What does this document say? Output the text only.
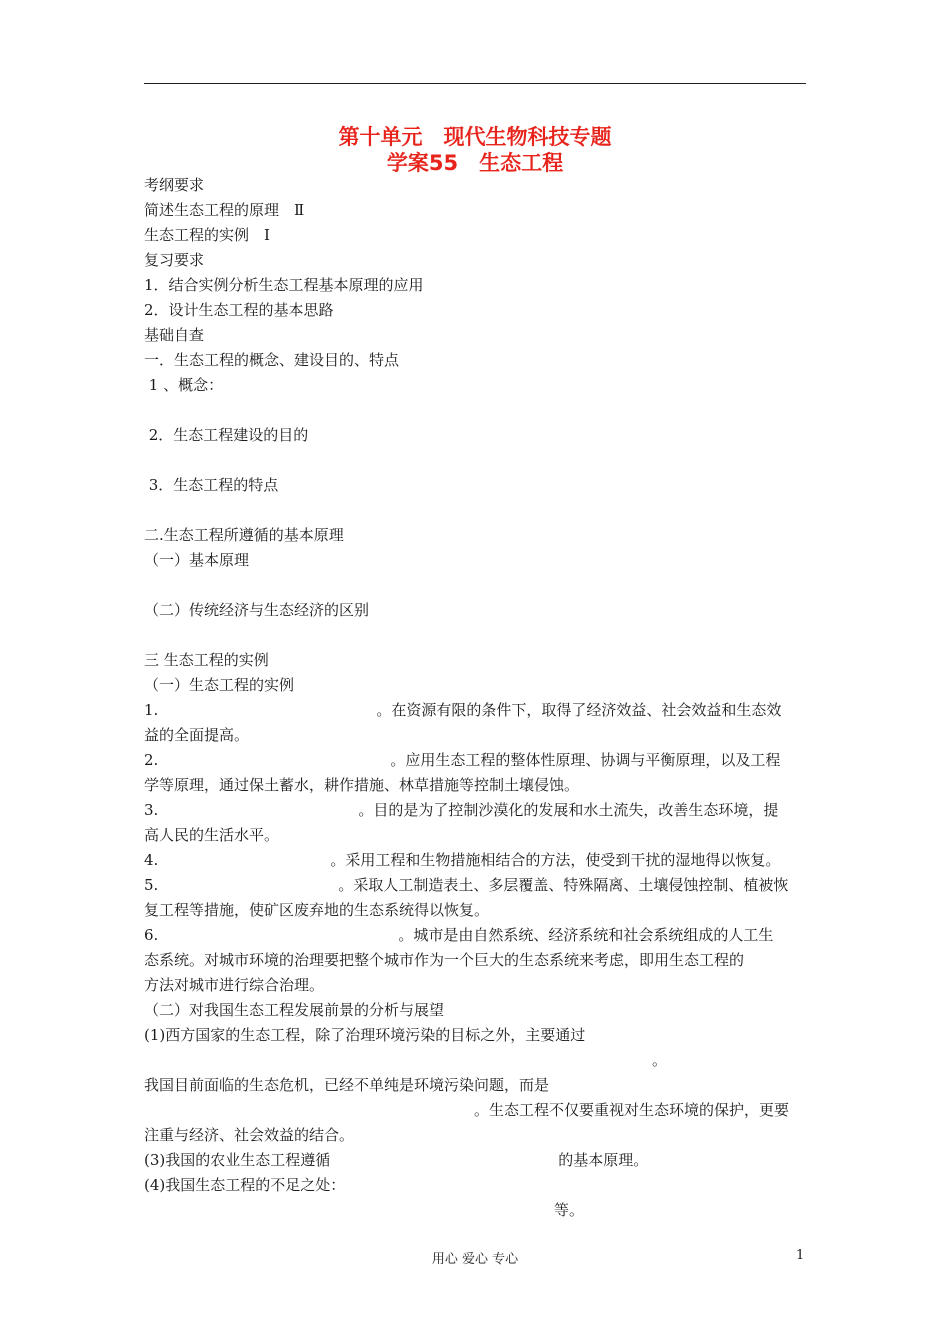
第十单元　现代生物科技专题
学案55　生态工程
考纲要求
简述生态工程的原理　Ⅱ
生态工程的实例　Ⅰ
复习要求
1．结合实例分析生态工程基本原理的应用
2．设计生态工程的基本思路
基础自查
一．生态工程的概念、建设目的、特点
1 、概念：
2．生态工程建设的目的
3．生态工程的特点
二.生态工程所遵循的基本原理
（一）基本原理
（二）传统经济与生态经济的区别
三 生态工程的实例
（一）生态工程的实例
1.	。在资源有限的条件下，取得了经济效益、社会效益和生态效
益的全面提高。
2.	。应用生态工程的整体性原理、协调与平衡原理，以及工程
学等原理，通过保土蓄水，耕作措施、林草措施等控制土壤侵蚀。
3.	。目的是为了控制沙漠化的发展和水土流失，改善生态环境，提
高人民的生活水平。
4.	。采用工程和生物措施相结合的方法，使受到干扰的湿地得以恢复。
5.	。采取人工制造表土、多层覆盖、特殊隔离、土壤侵蚀控制、植被恢
复工程等措施，使矿区废弃地的生态系统得以恢复。
6.	。城市是由自然系统、经济系统和社会系统组成的人工生
态系统。对城市环境的治理要把整个城市作为一个巨大的生态系统来考虑，即用生态工程的
方法对城市进行综合治理。
（二）对我国生态工程发展前景的分析与展望
(1)西方国家的生态工程，除了治理环境污染的目标之外，主要通过
。
我国目前面临的生态危机，已经不单纯是环境污染问题，而是
。生态工程不仅要重视对生态环境的保护，更要
注重与经济、社会效益的结合。
(3)我国的农业生态工程遵循	的基本原理。
(4)我国生态工程的不足之处：
等。
用心 爱心 专心	1
